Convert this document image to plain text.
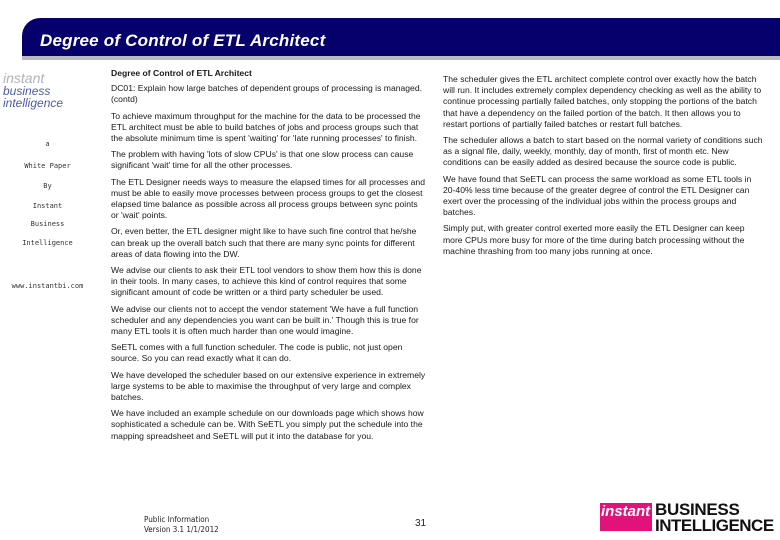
Degree of Control of ETL Architect
instant
business
intelligence
a
White Paper
By
Instant
Business
Intelligence
www.instantbi.com

Degree of Control of ETL Architect

DC01: Explain how large batches of dependent groups of processing is managed. (contd)

To achieve maximum throughput for the machine for the data to be processed the ETL architect must be able to build batches of jobs and process groups such that the absolute minimum time is spent 'waiting' for 'late running processes' to finish.

The problem with having 'lots of slow CPUs' is that one slow process can cause significant 'wait' time for all the other processes.

The ETL Designer needs ways to measure the elapsed times for all processes and must be able to easily move processes between process groups to get the closest elapsed time balance as possible across all process groups between sync points or 'wait' points.

Or, even better, the ETL designer might like to have such fine control that he/she can break up the overall batch such that there are many sync points for different areas of data flowing into the DW.

We advise our clients to ask their ETL tool vendors to show them how this is done in their tools. In many cases, to achieve this kind of control requires that some significant amount of code be written or a third party scheduler be used.

We advise our clients not to accept the vendor statement 'We have a full function scheduler and any dependencies you want can be built in.' Though this is true for many ETL tools it is often much harder than one would imagine.

SeETL comes with a full function scheduler. The code is public, not just open source. So you can read exactly what it can do.

We have developed the scheduler based on our extensive experience in extremely large systems to be able to maximise the throughput of very large and complex batches.

We have included an example schedule on our downloads page which shows how sophisticated a schedule can be. With SeETL you simply put the schedule into the mapping spreadsheet and SeETL will put it into the database for you.

The scheduler gives the ETL architect complete control over exactly how the batch will run. It includes extremely complex dependency checking as well as the ability to continue processing partially failed batches, only stopping the portions of the batch that have a dependency on the failed portion of the batch. It then allows you to restart portions of partially failed batches or restart full batches.

The scheduler allows a batch to start based on the normal variety of conditions such as a signal file, daily, weekly, monthly, day of month, first of month etc. New conditions can be easily added as desired because the source code is public.

We have found that SeETL can process the same workload as some ETL tools in 20-40% less time because of the greater degree of control the ETL Designer can exert over the processing of the individual jobs within the process groups and batches.

Simply put, with greater control exerted more easily the ETL Designer can keep more CPUs more busy for more of the time during batch processing without the machine thrashing from too many jobs running at once.

Public Information
Version 3.1 1/1/2012
31
instant BUSINESS
INTELLIGENCE
